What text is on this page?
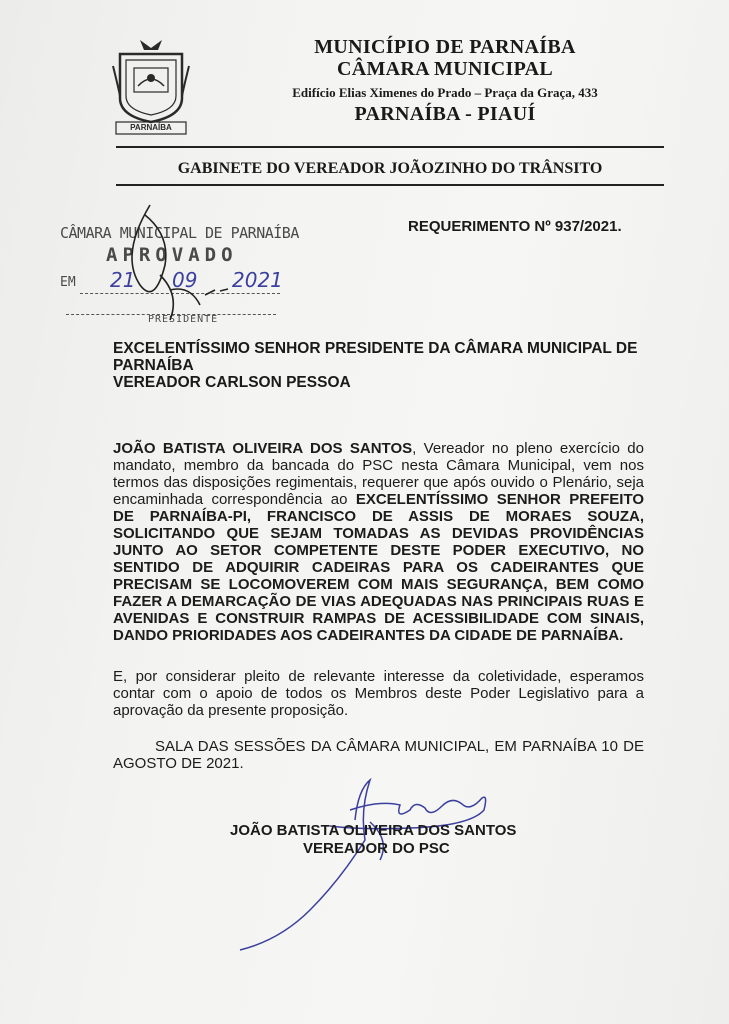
PARNAÍBA
MUNICÍPIO DE PARNAÍBA
CÂMARA MUNICIPAL
Edifício Elias Ximenes do Prado – Praça da Graça, 433
PARNAÍBA - PIAUÍ
GABINETE DO VEREADOR JOÃOZINHO DO TRÂNSITO
CÂMARA MUNICIPAL DE PARNAÍBA
APROVADO
EM 21 09 2021
PRESIDENTE
REQUERIMENTO Nº 937/2021.
EXCELENTÍSSIMO SENHOR PRESIDENTE DA CÂMARA MUNICIPAL DE
PARNAÍBA
VEREADOR CARLSON PESSOA
JOÃO BATISTA OLIVEIRA DOS SANTOS, Vereador no pleno exercício do mandato, membro da bancada do PSC nesta Câmara Municipal, vem nos termos das disposições regimentais, requerer que após ouvido o Plenário, seja encaminhada correspondência ao EXCELENTÍSSIMO SENHOR PREFEITO DE PARNAÍBA-PI, FRANCISCO DE ASSIS DE MORAES SOUZA, SOLICITANDO QUE SEJAM TOMADAS AS DEVIDAS PROVIDÊNCIAS JUNTO AO SETOR COMPETENTE DESTE PODER EXECUTIVO, NO SENTIDO DE ADQUIRIR CADEIRAS PARA OS CADEIRANTES QUE PRECISAM SE LOCOMOVEREM COM MAIS SEGURANÇA, BEM COMO FAZER A DEMARCAÇÃO DE VIAS ADEQUADAS NAS PRINCIPAIS RUAS E AVENIDAS E CONSTRUIR RAMPAS DE ACESSIBILIDADE COM SINAIS, DANDO PRIORIDADES AOS CADEIRANTES DA CIDADE DE PARNAÍBA.
E, por considerar pleito de relevante interesse da coletividade, esperamos contar com o apoio de todos os Membros deste Poder Legislativo para a aprovação da presente proposição.
SALA DAS SESSÕES DA CÂMARA MUNICIPAL, EM PARNAÍBA 10 DE AGOSTO DE 2021.
JOÃO BATISTA OLIVEIRA DOS SANTOS
VEREADOR DO PSC
